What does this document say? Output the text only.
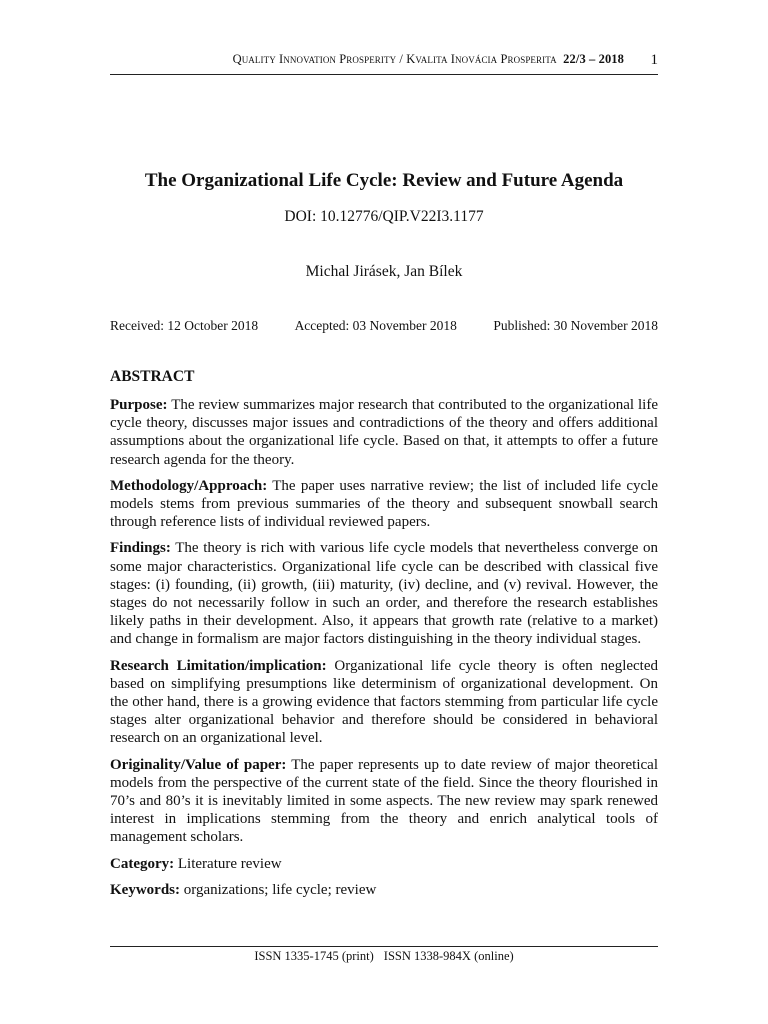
Quality Innovation Prosperity / Kvalita Inovácia Prosperita 22/3 – 2018 1
The Organizational Life Cycle: Review and Future Agenda
DOI: 10.12776/QIP.V22I3.1177
Michal Jirásek, Jan Bílek
Received: 12 October 2018	Accepted: 03 November 2018	Published: 30 November 2018
ABSTRACT

Purpose: The review summarizes major research that contributed to the organizational life cycle theory, discusses major issues and contradictions of the theory and offers additional assumptions about the organizational life cycle. Based on that, it attempts to offer a future research agenda for the theory.

Methodology/Approach: The paper uses narrative review; the list of included life cycle models stems from previous summaries of the theory and subsequent snowball search through reference lists of individual reviewed papers.

Findings: The theory is rich with various life cycle models that nevertheless converge on some major characteristics. Organizational life cycle can be described with classical five stages: (i) founding, (ii) growth, (iii) maturity, (iv) decline, and (v) revival. However, the stages do not necessarily follow in such an order, and therefore the research establishes likely paths in their development. Also, it appears that growth rate (relative to a market) and change in formalism are major factors distinguishing in the theory individual stages.

Research Limitation/implication: Organizational life cycle theory is often neglected based on simplifying presumptions like determinism of organizational development. On the other hand, there is a growing evidence that factors stemming from particular life cycle stages alter organizational behavior and therefore should be considered in behavioral research on an organizational level.

Originality/Value of paper: The paper represents up to date review of major theoretical models from the perspective of the current state of the field. Since the theory flourished in 70’s and 80’s it is inevitably limited in some aspects. The new review may spark renewed interest in implications stemming from the theory and enrich analytical tools of management scholars.

Category: Literature review

Keywords: organizations; life cycle; review

ISSN 1335-1745 (print) ISSN 1338-984X (online)
